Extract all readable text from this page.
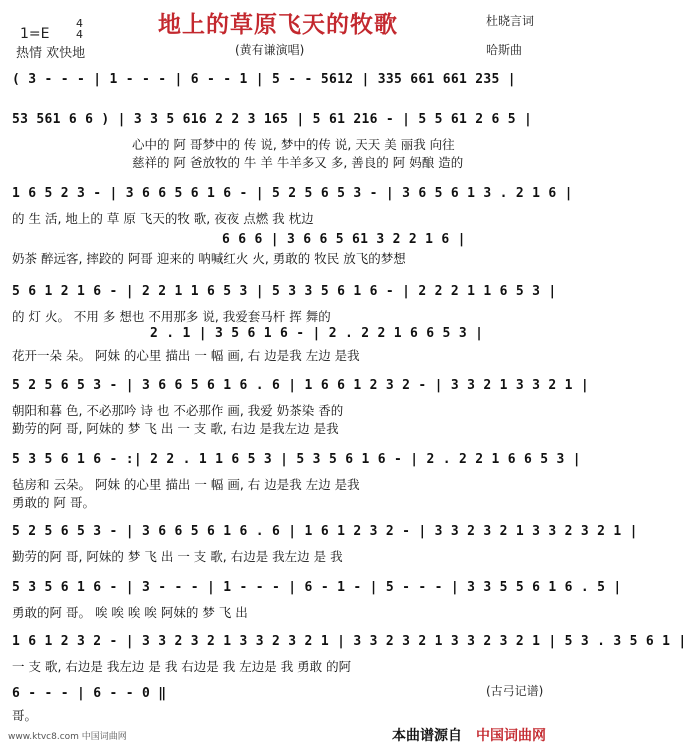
地上的草原飞天的牧歌
1=E
4
4
热情 欢快地	(黄有谦演唱)
杜晓言词
哈斯曲
( 3 - - - | 1 - - - | 6 - - 1 | 5 - - 5612 | 335 661 661 235 |
53 561 6 6 ) | 3 3 5 616 2 2 3 165 | 5 61 216 - | 5 5 61 2 6 5 |
心中的 阿 哥梦中的 传 说, 梦中的传 说, 天天 美 丽我 向往
慈祥的 阿 爸放牧的 牛 羊 牛羊多又 多, 善良的 阿 妈酿 造的
1 6 5 2 3 - | 3 6 6 5 6 1 6 - | 5 2 5 6 5 3 - | 3 6 5 6 1 3 . 2 1 6 |
的 生 活, 地上的 草 原 飞天的牧 歌, 夜夜 点燃 我 枕边
6 6 6 | 3 6 6 5 61 3 2 2 1 6 |
奶茶 醉远客, 摔跤的 阿哥 迎来的 呐喊红火 火, 勇敢的 牧民 放飞的梦想
5 6 1 2 1 6 - | 2 2 1 1 6 5 3 | 5 3 3 5 6 1 6 - | 2 2 2 1 1 6 5 3 |
的 灯 火。 不用 多 想也 不用那多 说, 我爱套马杆 挥 舞的
2 . 1 | 3 5 6 1 6 - | 2 . 2 2 1 6 6 5 3 |
花开一朵 朵。 阿妹 的心里 描出 一 幅 画, 右 边是我 左边 是我
5 2 5 6 5 3 - | 3 6 6 5 6 1 6 . 6 | 1 6 6 1 2 3 2 - | 3 3 2 1 3 3 2 1 |
朝阳和暮 色, 不必那吟 诗 也 不必那作 画, 我爱 奶茶染 香的
勤劳的阿 哥, 阿妹的 梦 飞 出 一 支 歌, 右边 是我左边 是我
5 3 5 6 1 6 - :| 2 2 . 1 1 6 5 3 | 5 3 5 6 1 6 - | 2 . 2 2 1 6 6 5 3 |
毡房和 云朵。 阿妹 的心里 描出 一 幅 画, 右 边是我 左边 是我
勇敢的 阿 哥。
5 2 5 6 5 3 - | 3 6 6 5 6 1 6 . 6 | 1 6 1 2 3 2 - | 3 3 2 3 2 1 3 3 2 3 2 1 |
勤劳的阿 哥, 阿妹的 梦 飞 出 一 支 歌, 右边是 我左边 是 我
5 3 5 6 1 6 - | 3 - - - | 1 - - - | 6 - 1 - | 5 - - - | 3 3 5 5 6 1 6 . 5 |
勇敢的阿 哥。 唉 唉 唉 唉 阿妹的 梦 飞 出
1 6 1 2 3 2 - | 3 3 2 3 2 1 3 3 2 3 2 1 | 3 3 2 3 2 1 3 3 2 3 2 1 | 5 3 . 3 5 6 1 |
一 支 歌, 右边是 我左边 是 我 右边是 我 左边是 我 勇敢 的阿
6 - - - | 6 - - 0 ‖
哥。
(古弓记谱)
www.ktvc8.com 中国词曲网	本曲谱源自 中国词曲网
